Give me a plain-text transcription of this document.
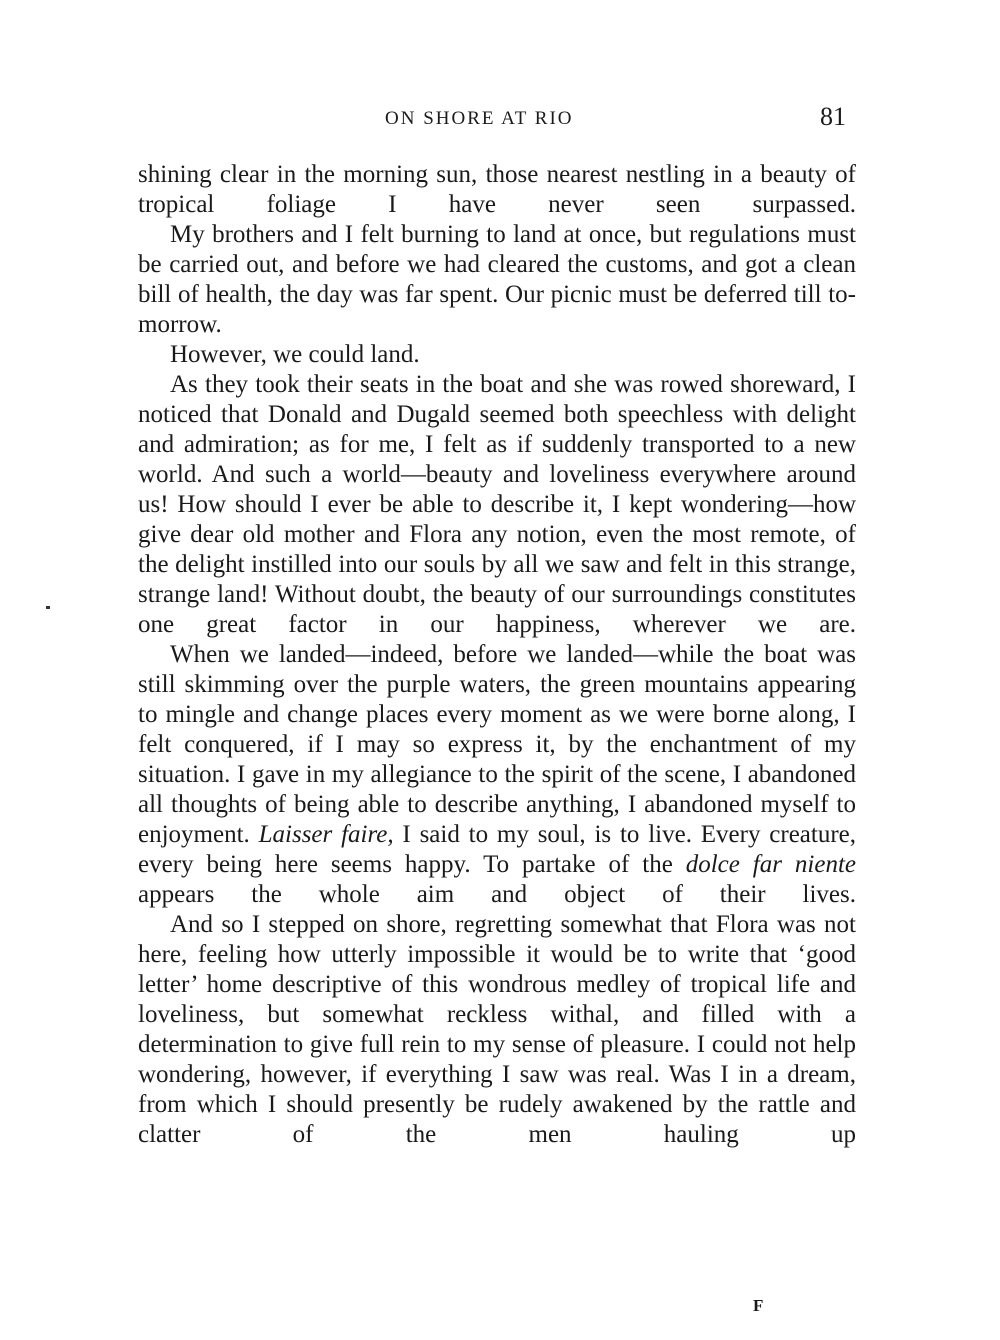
ON SHORE AT RIO	81

shining clear in the morning sun, those nearest nestling in a beauty of tropical foliage I have never seen surpassed.

My brothers and I felt burning to land at once, but regulations must be carried out, and before we had cleared the customs, and got a clean bill of health, the day was far spent. Our picnic must be deferred till to-morrow.

However, we could land.

As they took their seats in the boat and she was rowed shoreward, I noticed that Donald and Dugald seemed both speechless with delight and admiration; as for me, I felt as if suddenly transported to a new world. And such a world—beauty and loveliness everywhere around us! How should I ever be able to describe it, I kept wondering—how give dear old mother and Flora any notion, even the most remote, of the delight instilled into our souls by all we saw and felt in this strange, strange land! Without doubt, the beauty of our surroundings constitutes one great factor in our happiness, wherever we are.

When we landed—indeed, before we landed—while the boat was still skimming over the purple waters, the green mountains appearing to mingle and change places every moment as we were borne along, I felt conquered, if I may so express it, by the enchantment of my situation. I gave in my allegiance to the spirit of the scene, I abandoned all thoughts of being able to describe anything, I abandoned myself to enjoyment. Laisser faire, I said to my soul, is to live. Every creature, every being here seems happy. To partake of the dolce far niente appears the whole aim and object of their lives.

And so I stepped on shore, regretting somewhat that Flora was not here, feeling how utterly impossible it would be to write that ‘good letter’ home descriptive of this wondrous medley of tropical life and loveliness, but somewhat reckless withal, and filled with a determination to give full rein to my sense of pleasure. I could not help wondering, however, if everything I saw was real. Was I in a dream, from which I should presently be rudely awakened by the rattle and clatter of the men hauling up

F
